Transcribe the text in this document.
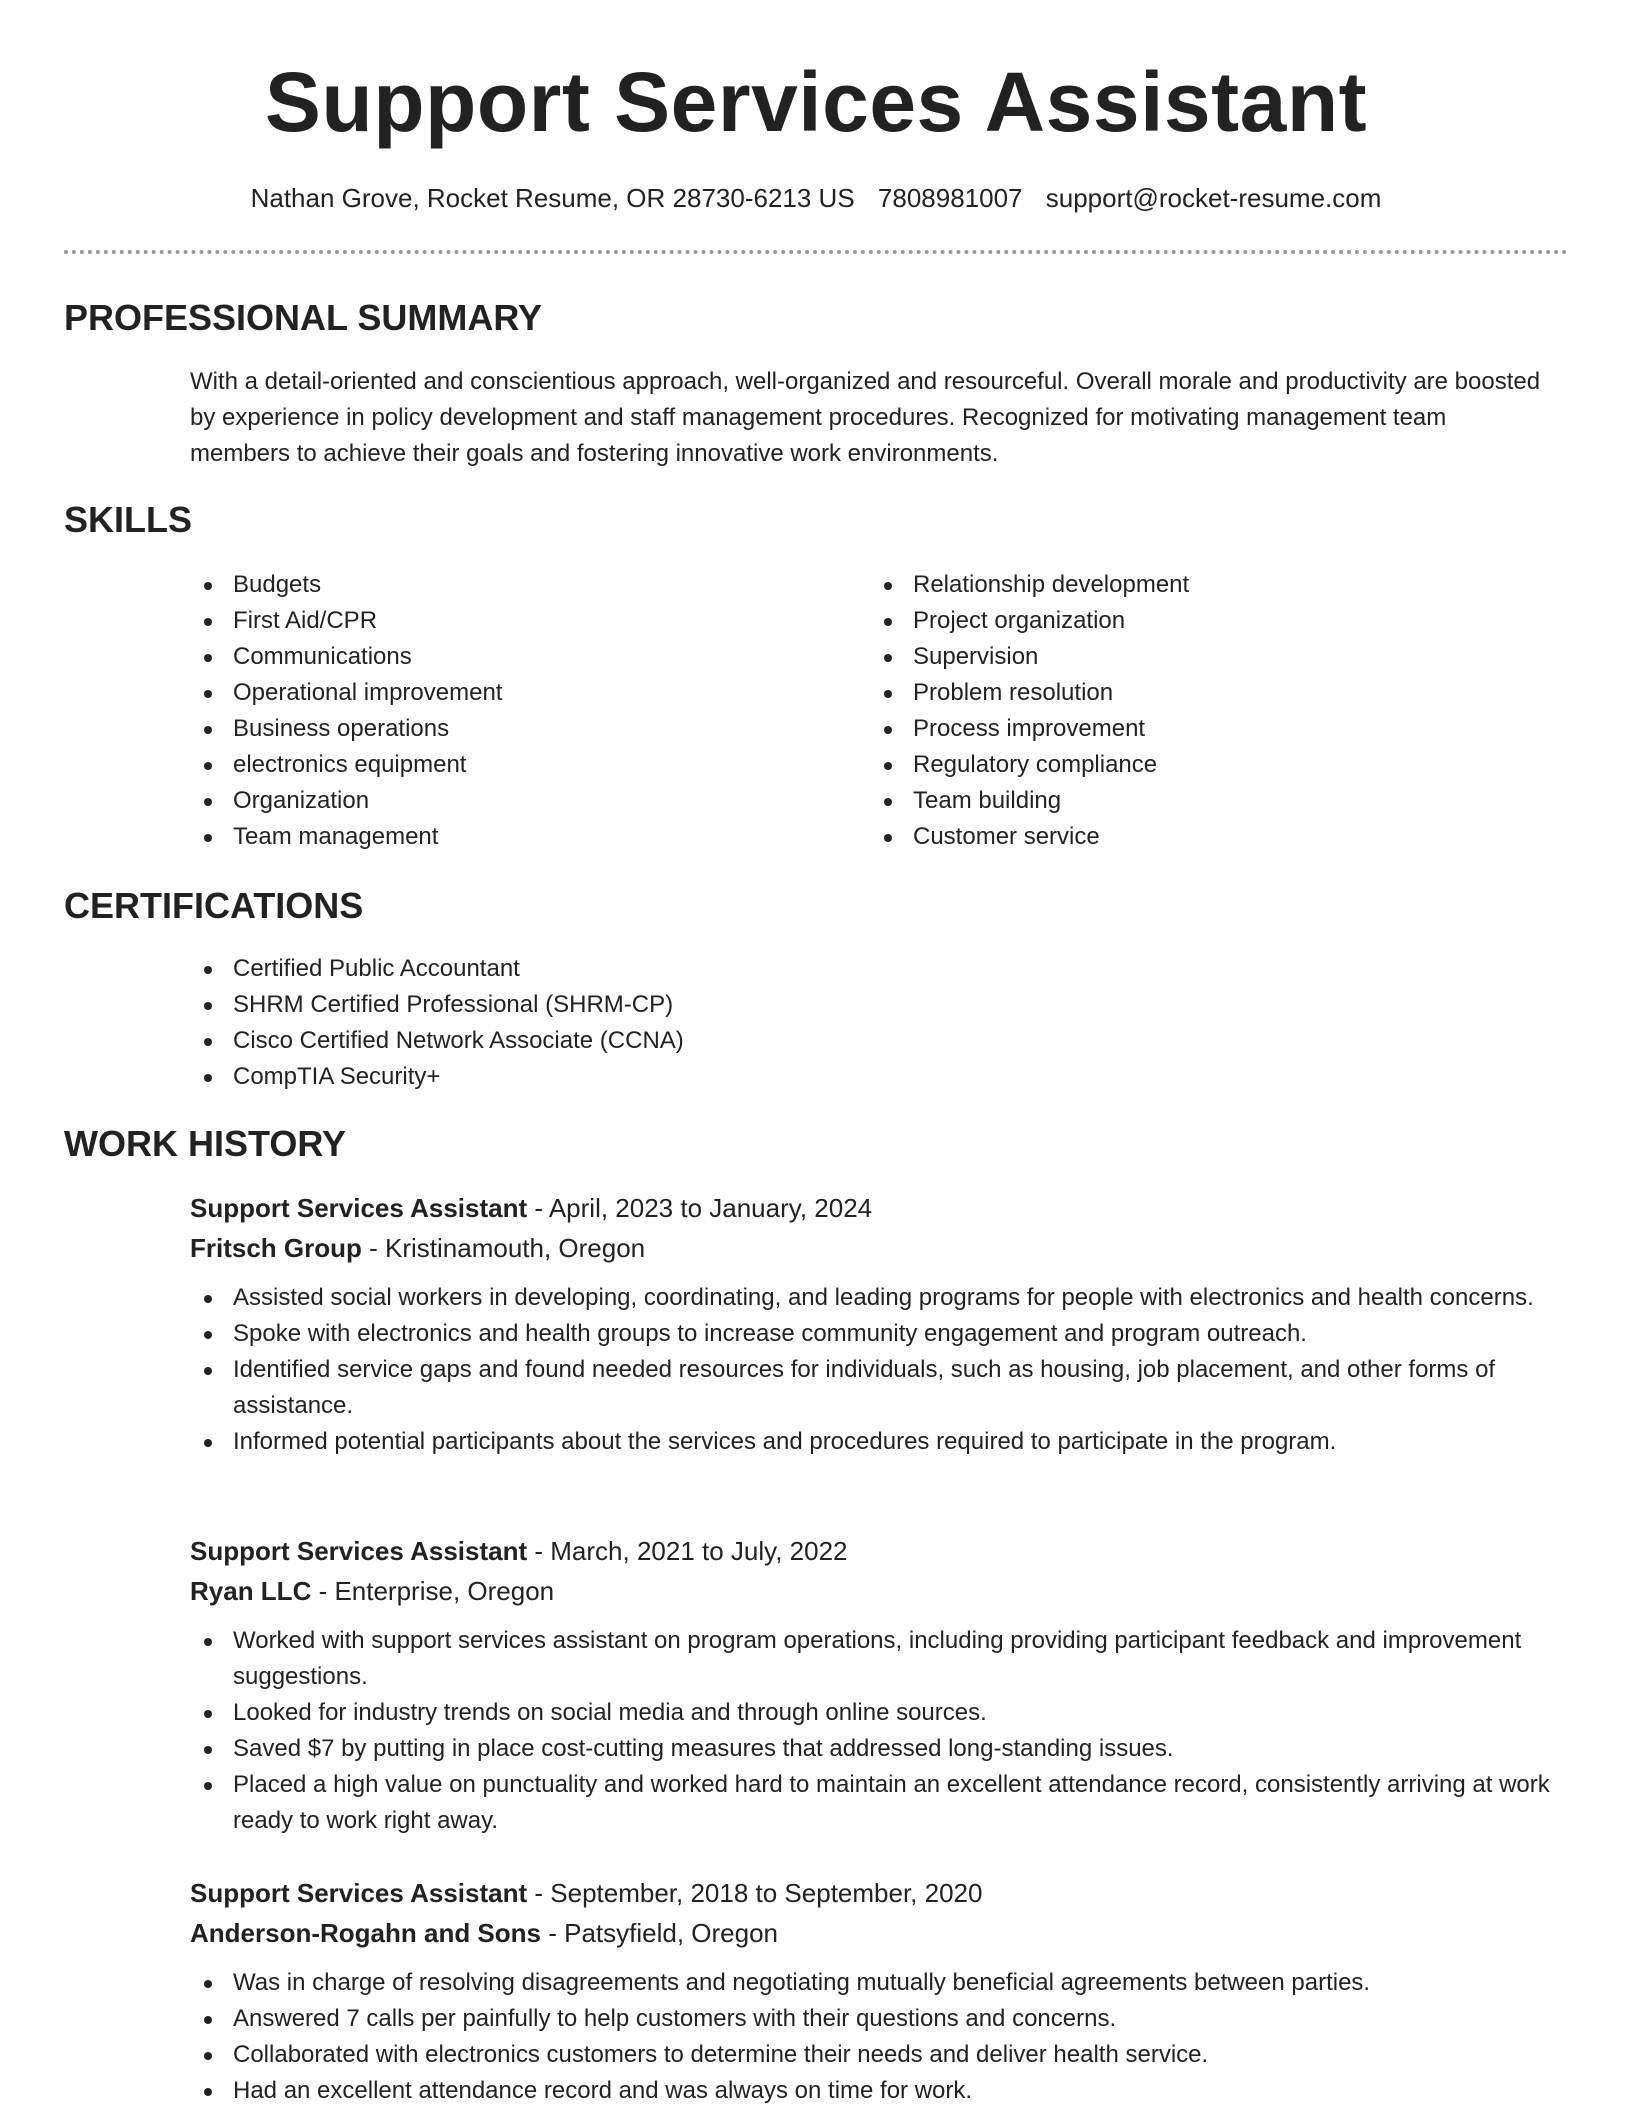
Support Services Assistant
Nathan Grove, Rocket Resume, OR 28730-6213 US 7808981007 support@rocket-resume.com
PROFESSIONAL SUMMARY
With a detail-oriented and conscientious approach, well-organized and resourceful. Overall morale and productivity are boosted by experience in policy development and staff management procedures. Recognized for motivating management team members to achieve their goals and fostering innovative work environments.
SKILLS
Budgets
First Aid/CPR
Communications
Operational improvement
Business operations
electronics equipment
Organization
Team management
Relationship development
Project organization
Supervision
Problem resolution
Process improvement
Regulatory compliance
Team building
Customer service
CERTIFICATIONS
Certified Public Accountant
SHRM Certified Professional (SHRM-CP)
Cisco Certified Network Associate (CCNA)
CompTIA Security+
WORK HISTORY
Support Services Assistant - April, 2023 to January, 2024
Fritsch Group - Kristinamouth, Oregon
Assisted social workers in developing, coordinating, and leading programs for people with electronics and health concerns.
Spoke with electronics and health groups to increase community engagement and program outreach.
Identified service gaps and found needed resources for individuals, such as housing, job placement, and other forms of assistance.
Informed potential participants about the services and procedures required to participate in the program.
Support Services Assistant - March, 2021 to July, 2022
Ryan LLC - Enterprise, Oregon
Worked with support services assistant on program operations, including providing participant feedback and improvement suggestions.
Looked for industry trends on social media and through online sources.
Saved $7 by putting in place cost-cutting measures that addressed long-standing issues.
Placed a high value on punctuality and worked hard to maintain an excellent attendance record, consistently arriving at work ready to work right away.
Support Services Assistant - September, 2018 to September, 2020
Anderson-Rogahn and Sons - Patsyfield, Oregon
Was in charge of resolving disagreements and negotiating mutually beneficial agreements between parties.
Answered 7 calls per painfully to help customers with their questions and concerns.
Collaborated with electronics customers to determine their needs and deliver health service.
Had an excellent attendance record and was always on time for work.
